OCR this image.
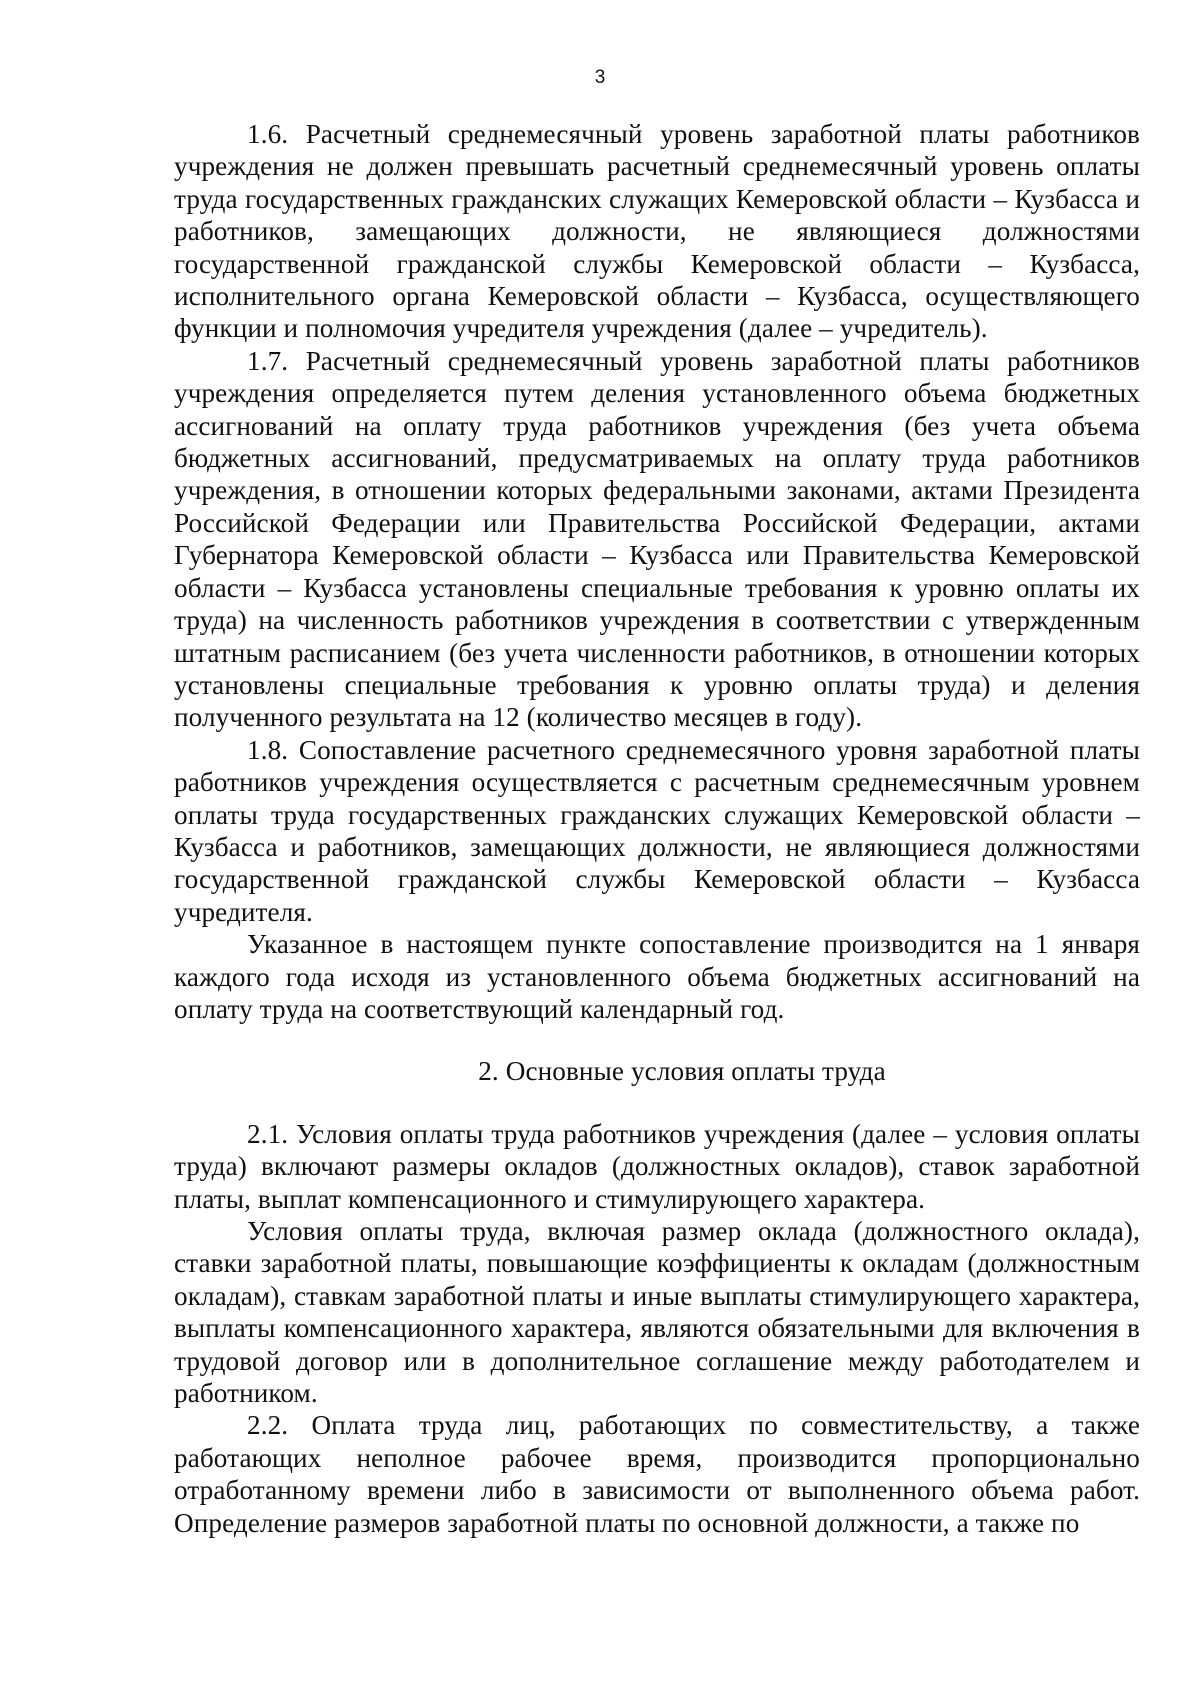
3

1.6. Расчетный среднемесячный уровень заработной платы работников учреждения не должен превышать расчетный среднемесячный уровень оплаты труда государственных гражданских служащих Кемеровской области – Кузбасса и работников, замещающих должности, не являющиеся должностями государственной гражданской службы Кемеровской области – Кузбасса, исполнительного органа Кемеровской области – Кузбасса, осуществляющего функции и полномочия учредителя учреждения (далее – учредитель).

1.7. Расчетный среднемесячный уровень заработной платы работников учреждения определяется путем деления установленного объема бюджетных ассигнований на оплату труда работников учреждения (без учета объема бюджетных ассигнований, предусматриваемых на оплату труда работников учреждения, в отношении которых федеральными законами, актами Президента Российской Федерации или Правительства Российской Федерации, актами Губернатора Кемеровской области – Кузбасса или Правительства Кемеровской области – Кузбасса установлены специальные требования к уровню оплаты их труда) на численность работников учреждения в соответствии с утвержденным штатным расписанием (без учета численности работников, в отношении которых установлены специальные требования к уровню оплаты труда) и деления полученного результата на 12 (количество месяцев в году).

1.8. Сопоставление расчетного среднемесячного уровня заработной платы работников учреждения осуществляется с расчетным среднемесячным уровнем оплаты труда государственных гражданских служащих Кемеровской области – Кузбасса и работников, замещающих должности, не являющиеся должностями государственной гражданской службы Кемеровской области – Кузбасса учредителя.

Указанное в настоящем пункте сопоставление производится на 1 января каждого года исходя из установленного объема бюджетных ассигнований на оплату труда на соответствующий календарный год.

2. Основные условия оплаты труда

2.1. Условия оплаты труда работников учреждения (далее – условия оплаты труда) включают размеры окладов (должностных окладов), ставок заработной платы, выплат компенсационного и стимулирующего характера.

Условия оплаты труда, включая размер оклада (должностного оклада), ставки заработной платы, повышающие коэффициенты к окладам (должностным окладам), ставкам заработной платы и иные выплаты стимулирующего характера, выплаты компенсационного характера, являются обязательными для включения в трудовой договор или в дополнительное соглашение между работодателем и работником.

2.2. Оплата труда лиц, работающих по совместительству, а также работающих неполное рабочее время, производится пропорционально отработанному времени либо в зависимости от выполненного объема работ. Определение размеров заработной платы по основной должности, а также по
